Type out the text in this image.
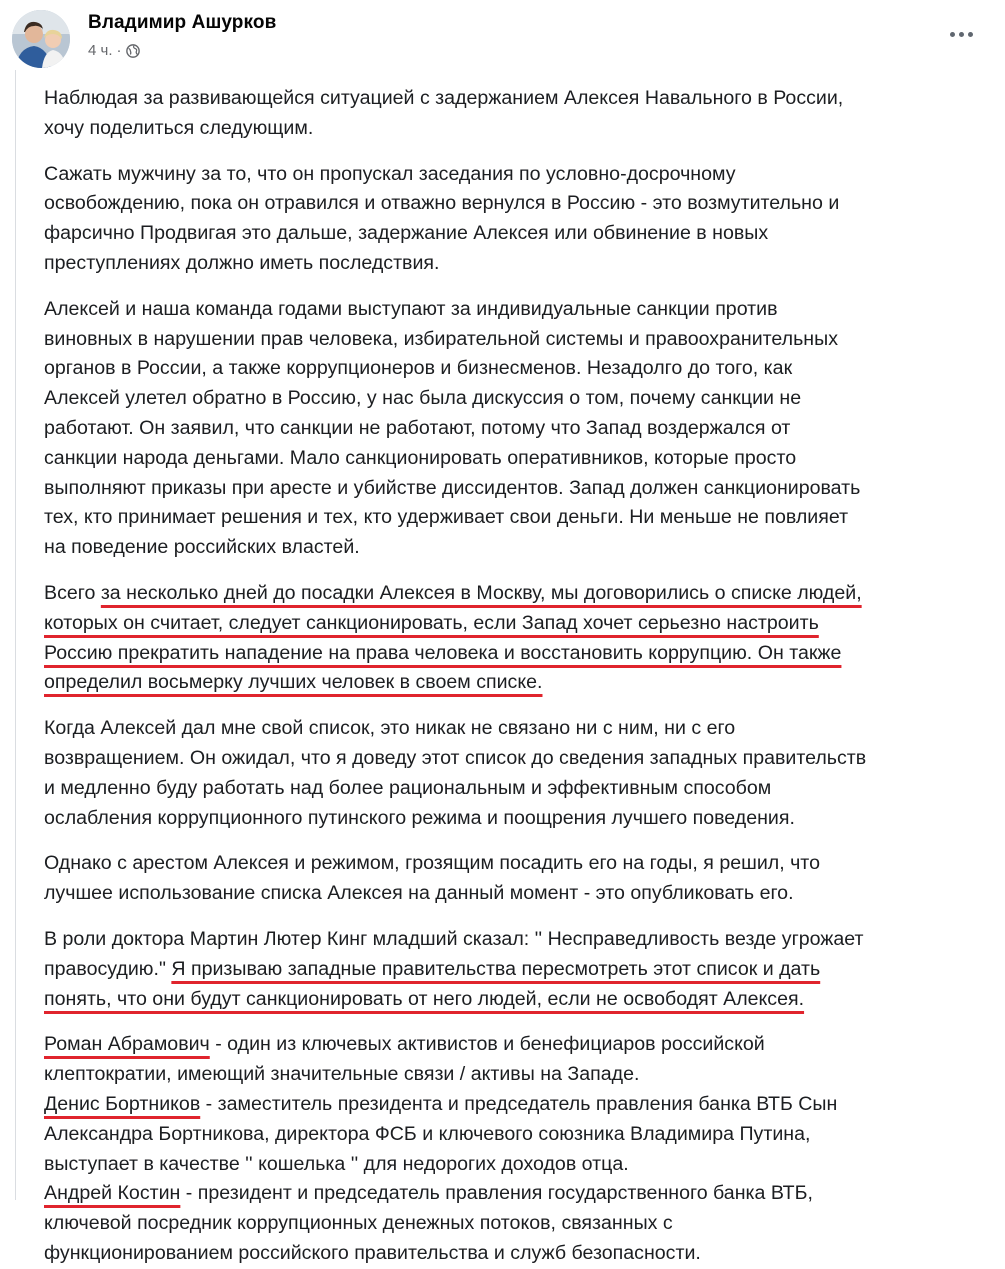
Владимир Ашурков
4 ч. ·

Наблюдая за развивающейся ситуацией с задержанием Алексея Навального в России,
хочу поделиться следующим.

Сажать мужчину за то, что он пропускал заседания по условно-досрочному
освобождению, пока он отравился и отважно вернулся в Россию - это возмутительно и
фарсично Продвигая это дальше, задержание Алексея или обвинение в новых
преступлениях должно иметь последствия.

Алексей и наша команда годами выступают за индивидуальные санкции против
виновных в нарушении прав человека, избирательной системы и правоохранительных
органов в России, а также коррупционеров и бизнесменов. Незадолго до того, как
Алексей улетел обратно в Россию, у нас была дискуссия о том, почему санкции не
работают. Он заявил, что санкции не работают, потому что Запад воздержался от
санкции народа деньгами. Мало санкционировать оперативников, которые просто
выполняют приказы при аресте и убийстве диссидентов. Запад должен санкционировать
тех, кто принимает решения и тех, кто удерживает свои деньги. Ни меньше не повлияет
на поведение российских властей.

Всего за несколько дней до посадки Алексея в Москву, мы договорились о списке людей,
которых он считает, следует санкционировать, если Запад хочет серьезно настроить
Россию прекратить нападение на права человека и восстановить коррупцию. Он также
определил восьмерку лучших человек в своем списке.

Когда Алексей дал мне свой список, это никак не связано ни с ним, ни с его
возвращением. Он ожидал, что я доведу этот список до сведения западных правительств
и медленно буду работать над более рациональным и эффективным способом
ослабления коррупционного путинского режима и поощрения лучшего поведения.

Однако с арестом Алексея и режимом, грозящим посадить его на годы, я решил, что
лучшее использование списка Алексея на данный момент - это опубликовать его.

В роли доктора Мартин Лютер Кинг младший сказал: '' Несправедливость везде угрожает
правосудию." Я призываю западные правительства пересмотреть этот список и дать
понять, что они будут санкционировать от него людей, если не освободят Алексея.

Роман Абрамович - один из ключевых активистов и бенефициаров российской
клептократии, имеющий значительные связи / активы на Западе.

Денис Бортников - заместитель президента и председатель правления банка ВТБ Сын
Александра Бортникова, директора ФСБ и ключевого союзника Владимира Путина,
выступает в качестве '' кошелька '' для недорогих доходов отца.

Андрей Костин - президент и председатель правления государственного банка ВТБ,
ключевой посредник коррупционных денежных потоков, связанных с
функционированием российского правительства и служб безопасности.
